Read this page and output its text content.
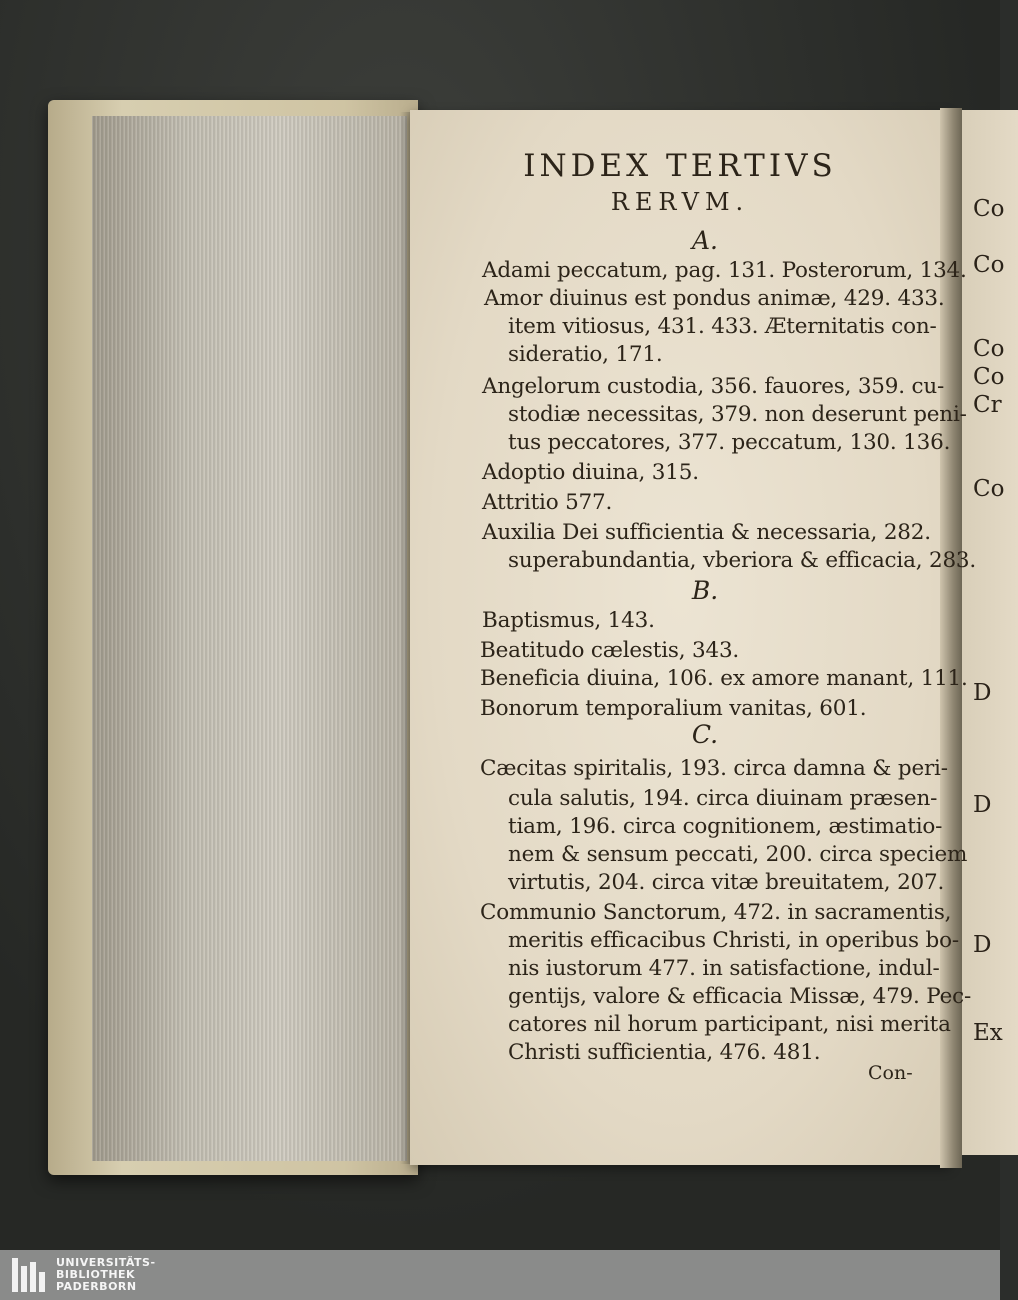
Co
Co
Co
Co
Cr
Co
D
D
D
Ex
INDEX TERTIVS
RERVM.
A.
B.
C.
Adami peccatum, pag. 131. Posterorum, 134.
Amor diuinus est pondus animæ, 429. 433.
item vitiosus, 431. 433. Æternitatis con-
sideratio, 171.
Angelorum custodia, 356. fauores, 359. cu-
stodiæ necessitas, 379. non deserunt peni-
tus peccatores, 377. peccatum, 130. 136.
Adoptio diuina, 315.
Attritio 577.
Auxilia Dei sufficientia & necessaria, 282.
superabundantia, vberiora & efficacia, 283.
Baptismus, 143.
Beatitudo cælestis, 343.
Beneficia diuina, 106. ex amore manant, 111.
Bonorum temporalium vanitas, 601.
Cæcitas spiritalis, 193. circa damna & peri-
cula salutis, 194. circa diuinam præsen-
tiam, 196. circa cognitionem, æstimatio-
nem & sensum peccati, 200. circa speciem
virtutis, 204. circa vitæ breuitatem, 207.
Communio Sanctorum, 472. in sacramentis,
meritis efficacibus Christi, in operibus bo-
nis iustorum 477. in satisfactione, indul-
gentijs, valore & efficacia Missæ, 479. Pec-
catores nil horum participant, nisi merita
Christi sufficientia, 476. 481.
Con-
UNIVERSITÄTS-
BIBLIOTHEK
PADERBORN
